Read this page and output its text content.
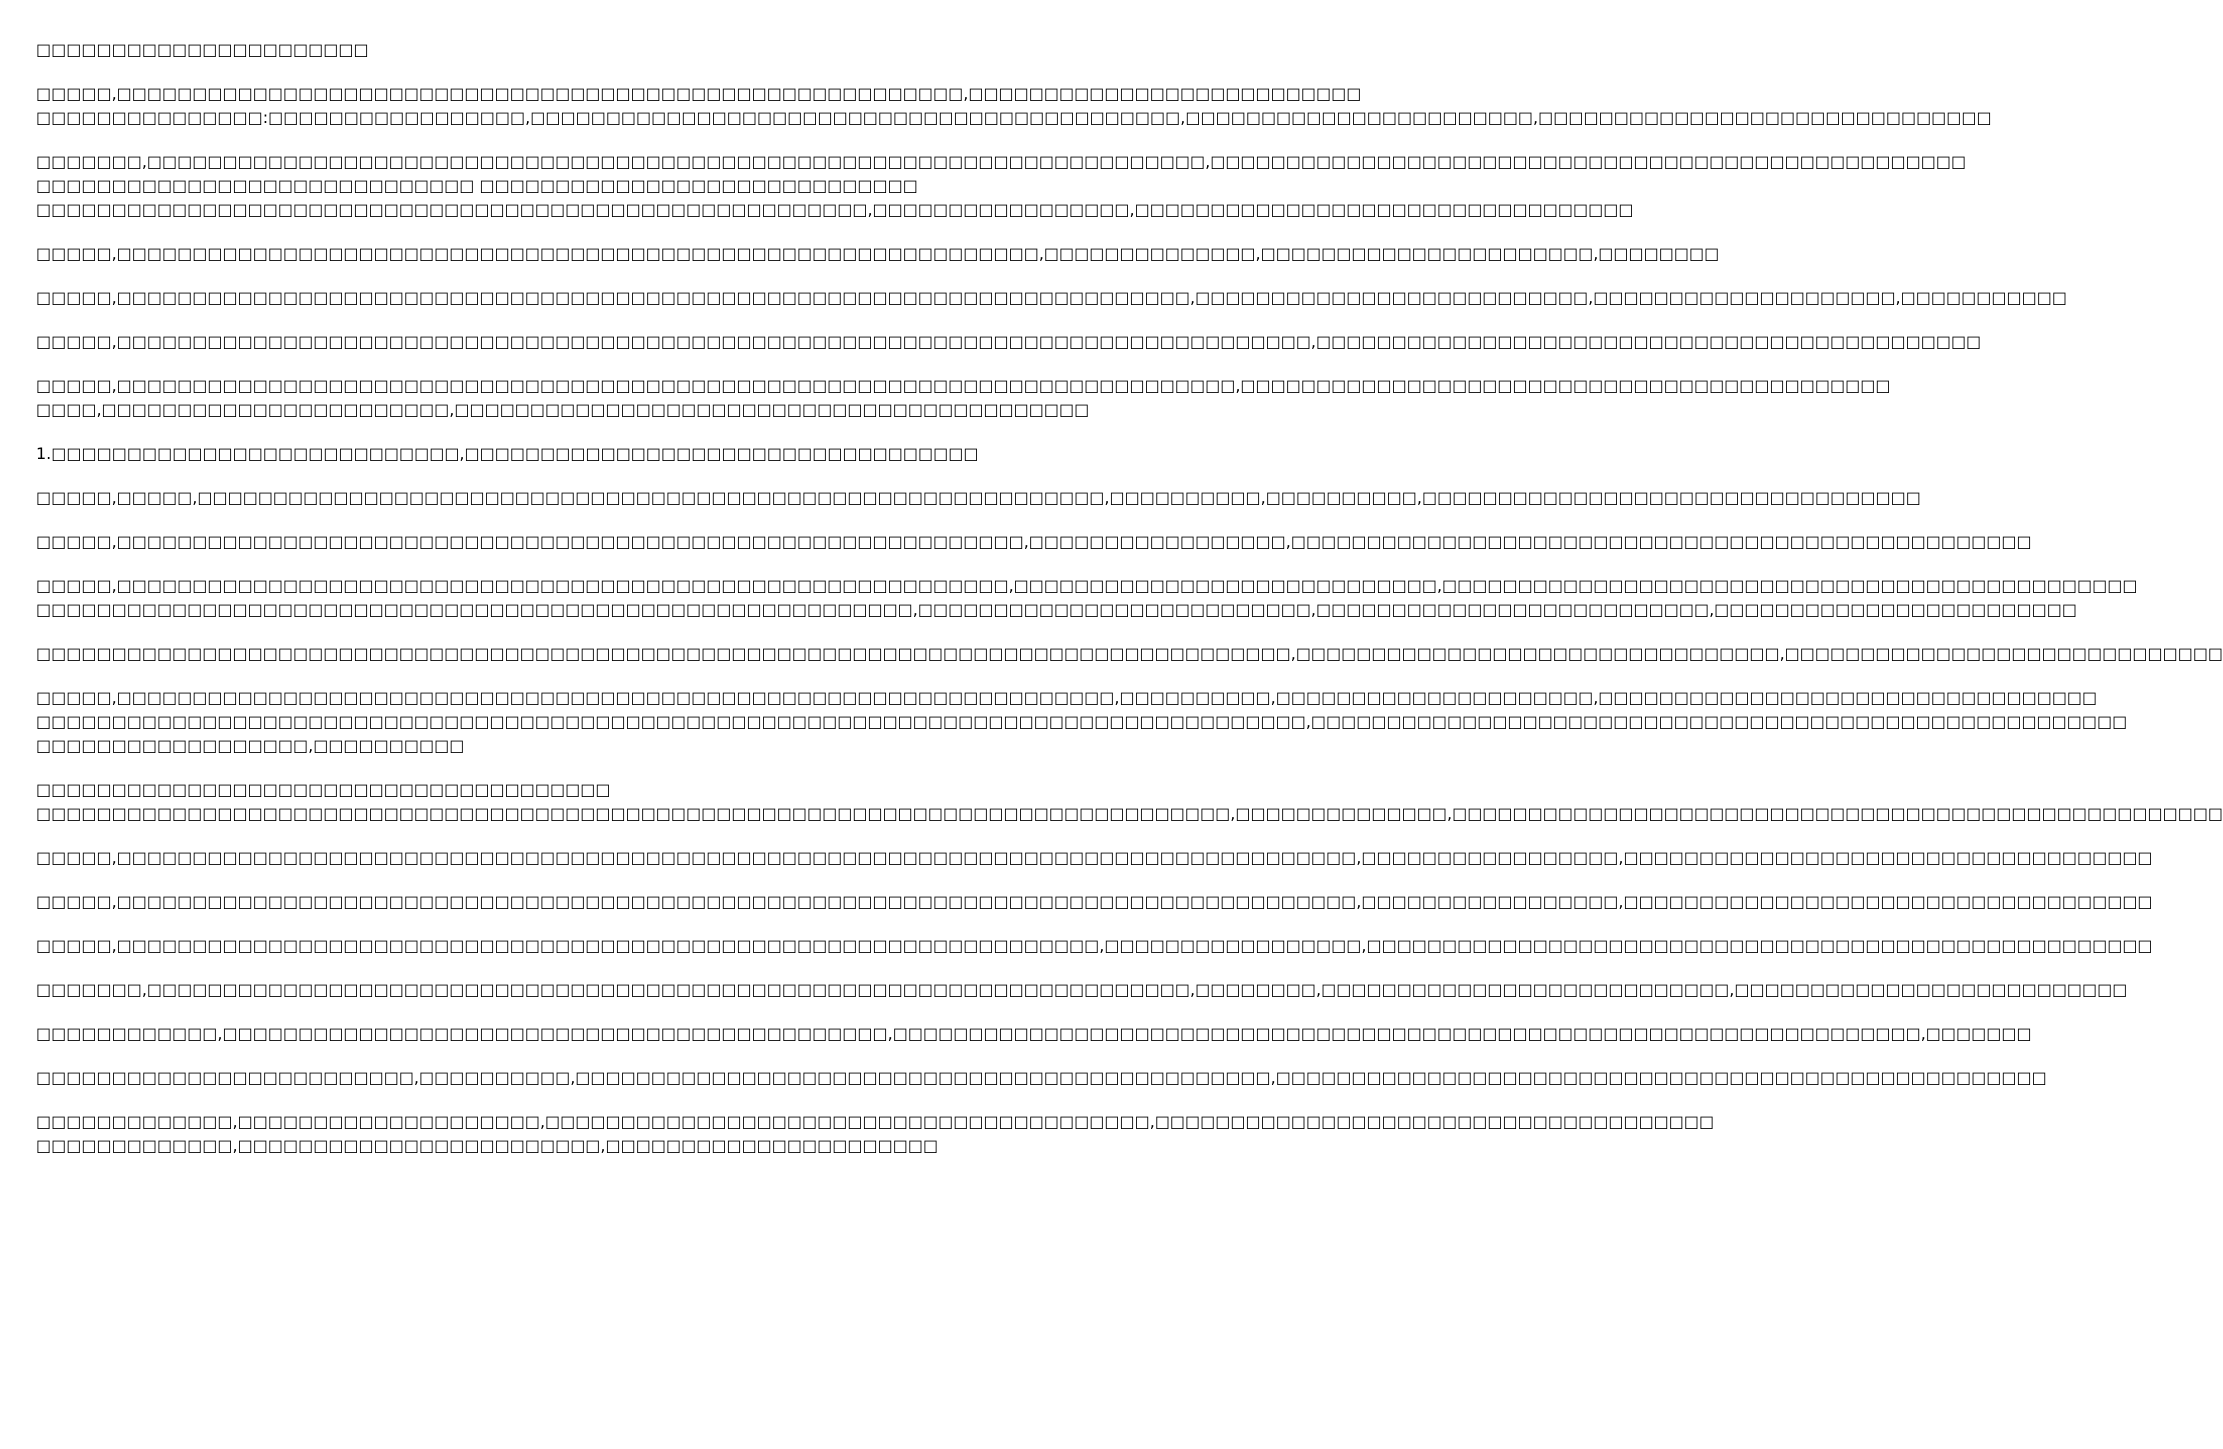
□□□□□□□□□□□□□□□□□□□□□□
□□□□□,□□□□□□□□□□□□□□□□□□□□□□□□□□□□□□□□□□□□□□□□□□□□□□□□□□□□□□□□,□□□□□□□□□□□□□□□□□□□□□□□□□□
□□□□□□□□□□□□□□□:□□□□□□□□□□□□□□□□□,□□□□□□□□□□□□□□□□□□□□□□□□□□□□□□□□□□□□□□□□□□□,□□□□□□□□□□□□□□□□□□□□□□□,□□□□□□□□□□□□□□□□□□□□□□□□□□□□□□
□□□□□□□,□□□□□□□□□□□□□□□□□□□□□□□□□□□□□□□□□□□□□□□□□□□□□□□□□□□□□□□□□□□□□□□□□□□□□□,□□□□□□□□□□□□□□□□□□□□□□□□□□□□□□□□□□□□□□□□□□□□□□□□□□
□□□□□□□□□□□□□□□□□□□□□□□□□□□□□ □□□□□□□□□□□□□□□□□□□□□□□□□□□□□
□□□□□□□□□□□□□□□□□□□□□□□□□□□□□□□□□□□□□□□□□□□□□□□□□□□□□□□,□□□□□□□□□□□□□□□□□,□□□□□□□□□□□□□□□□□□□□□□□□□□□□□□□□□
□□□□□,□□□□□□□□□□□□□□□□□□□□□□□□□□□□□□□□□□□□□□□□□□□□□□□□□□□□□□□□□□□□□,□□□□□□□□□□□□□□,□□□□□□□□□□□□□□□□□□□□□□,□□□□□□□□
□□□□□,□□□□□□□□□□□□□□□□□□□□□□□□□□□□□□□□□□□□□□□□□□□□□□□□□□□□□□□□□□□□□□□□□□□□□□□,□□□□□□□□□□□□□□□□□□□□□□□□□□,□□□□□□□□□□□□□□□□□□□□,□□□□□□□□□□□
□□□□□,□□□□□□□□□□□□□□□□□□□□□□□□□□□□□□□□□□□□□□□□□□□□□□□□□□□□□□□□□□□□□□□□□□□□□□□□□□□□□□□,□□□□□□□□□□□□□□□□□□□□□□□□□□□□□□□□□□□□□□□□□□□□
□□□□□,□□□□□□□□□□□□□□□□□□□□□□□□□□□□□□□□□□□□□□□□□□□□□□□□□□□□□□□□□□□□□□□□□□□□□□□□□□,□□□□□□□□□□□□□□□□□□□□□□□□□□□□□□□□□□□□□□□□□□□
□□□□,□□□□□□□□□□□□□□□□□□□□□□□,□□□□□□□□□□□□□□□□□□□□□□□□□□□□□□□□□□□□□□□□□□
1.□□□□□□□□□□□□□□□□□□□□□□□□□□□,□□□□□□□□□□□□□□□□□□□□□□□□□□□□□□□□□□
□□□□□,□□□□□,□□□□□□□□□□□□□□□□□□□□□□□□□□□□□□□□□□□□□□□□□□□□□□□□□□□□□□□□□□□□,□□□□□□□□□□,□□□□□□□□□□,□□□□□□□□□□□□□□□□□□□□□□□□□□□□□□□□□
□□□□□,□□□□□□□□□□□□□□□□□□□□□□□□□□□□□□□□□□□□□□□□□□□□□□□□□□□□□□□□□□□□,□□□□□□□□□□□□□□□□□,□□□□□□□□□□□□□□□□□□□□□□□□□□□□□□□□□□□□□□□□□□□□□□□□□
□□□□□,□□□□□□□□□□□□□□□□□□□□□□□□□□□□□□□□□□□□□□□□□□□□□□□□□□□□□□□□□□□,□□□□□□□□□□□□□□□□□□□□□□□□□□□□,□□□□□□□□□□□□□□□□□□□□□□□□□□□□□□□□□□□□□□□□□□□□□□
□□□□□□□□□□□□□□□□□□□□□□□□□□□□□□□□□□□□□□□□□□□□□□□□□□□□□□□□□□,□□□□□□□□□□□□□□□□□□□□□□□□□□,□□□□□□□□□□□□□□□□□□□□□□□□□□,□□□□□□□□□□□□□□□□□□□□□□□□
□□□□□□□□□□□□□□□□□□□□□□□□□□□□□□□□□□□□□□□□□□□□□□□□□□□□□□□□□□□□□□□□□□□□□□□□□□□□□□□□□□□,□□□□□□□□□□□□□□□□□□□□□□□□□□□□□□□□,□□□□□□□□□□□□□□□□□□□□□□□□□□□□□
□□□□□,□□□□□□□□□□□□□□□□□□□□□□□□□□□□□□□□□□□□□□□□□□□□□□□□□□□□□□□□□□□□□□□□□□,□□□□□□□□□□,□□□□□□□□□□□□□□□□□□□□□,□□□□□□□□□□□□□□□□□□□□□□□□□□□□□□□□□
□□□□□□□□□□□□□□□□□□□□□□□□□□□□□□□□□□□□□□□□□□□□□□□□□□□□□□□□□□□□□□□□□□□□□□□□□□□□□□□□□□□□,□□□□□□□□□□□□□□□□□□□□□□□□□□□□□□□□□□□□□□□□□□□□□□□□□□□□□□
□□□□□□□□□□□□□□□□□□,□□□□□□□□□□
□□□□□□□□□□□□□□□□□□□□□□□□□□□□□□□□□□□□□□
□□□□□□□□□□□□□□□□□□□□□□□□□□□□□□□□□□□□□□□□□□□□□□□□□□□□□□□□□□□□□□□□□□□□□□□□□□□□□□□,□□□□□□□□□□□□□□,□□□□□□□□□□□□□□□□□□□□□□□□□□□□□□□□□□□□□□□□□□□□□□□□□□□
□□□□□,□□□□□□□□□□□□□□□□□□□□□□□□□□□□□□□□□□□□□□□□□□□□□□□□□□□□□□□□□□□□□□□□□□□□□□□□□□□□□□□□□□,□□□□□□□□□□□□□□□□□,□□□□□□□□□□□□□□□□□□□□□□□□□□□□□□□□□□□
□□□□□,□□□□□□□□□□□□□□□□□□□□□□□□□□□□□□□□□□□□□□□□□□□□□□□□□□□□□□□□□□□□□□□□□□□□□□□□□□□□□□□□□□,□□□□□□□□□□□□□□□□□,□□□□□□□□□□□□□□□□□□□□□□□□□□□□□□□□□□□
□□□□□,□□□□□□□□□□□□□□□□□□□□□□□□□□□□□□□□□□□□□□□□□□□□□□□□□□□□□□□□□□□□□□□□□,□□□□□□□□□□□□□□□□□,□□□□□□□□□□□□□□□□□□□□□□□□□□□□□□□□□□□□□□□□□□□□□□□□□□□□
□□□□□□□,□□□□□□□□□□□□□□□□□□□□□□□□□□□□□□□□□□□□□□□□□□□□□□□□□□□□□□□□□□□□□□□□□□□□□,□□□□□□□□,□□□□□□□□□□□□□□□□□□□□□□□□□□□,□□□□□□□□□□□□□□□□□□□□□□□□□□
□□□□□□□□□□□□,□□□□□□□□□□□□□□□□□□□□□□□□□□□□□□□□□□□□□□□□□□□□,□□□□□□□□□□□□□□□□□□□□□□□□□□□□□□□□□□□□□□□□□□□□□□□□□□□□□□□□□□□□□□□□□□□□,□□□□□□□
□□□□□□□□□□□□□□□□□□□□□□□□□,□□□□□□□□□□,□□□□□□□□□□□□□□□□□□□□□□□□□□□□□□□□□□□□□□□□□□□□□□,□□□□□□□□□□□□□□□□□□□□□□□□□□□□□□□□□□□□□□□□□□□□□□□□□□□
□□□□□□□□□□□□□,□□□□□□□□□□□□□□□□□□□□,□□□□□□□□□□□□□□□□□□□□□□□□□□□□□□□□□□□□□□□□,□□□□□□□□□□□□□□□□□□□□□□□□□□□□□□□□□□□□□
□□□□□□□□□□□□□,□□□□□□□□□□□□□□□□□□□□□□□□,□□□□□□□□□□□□□□□□□□□□□□
